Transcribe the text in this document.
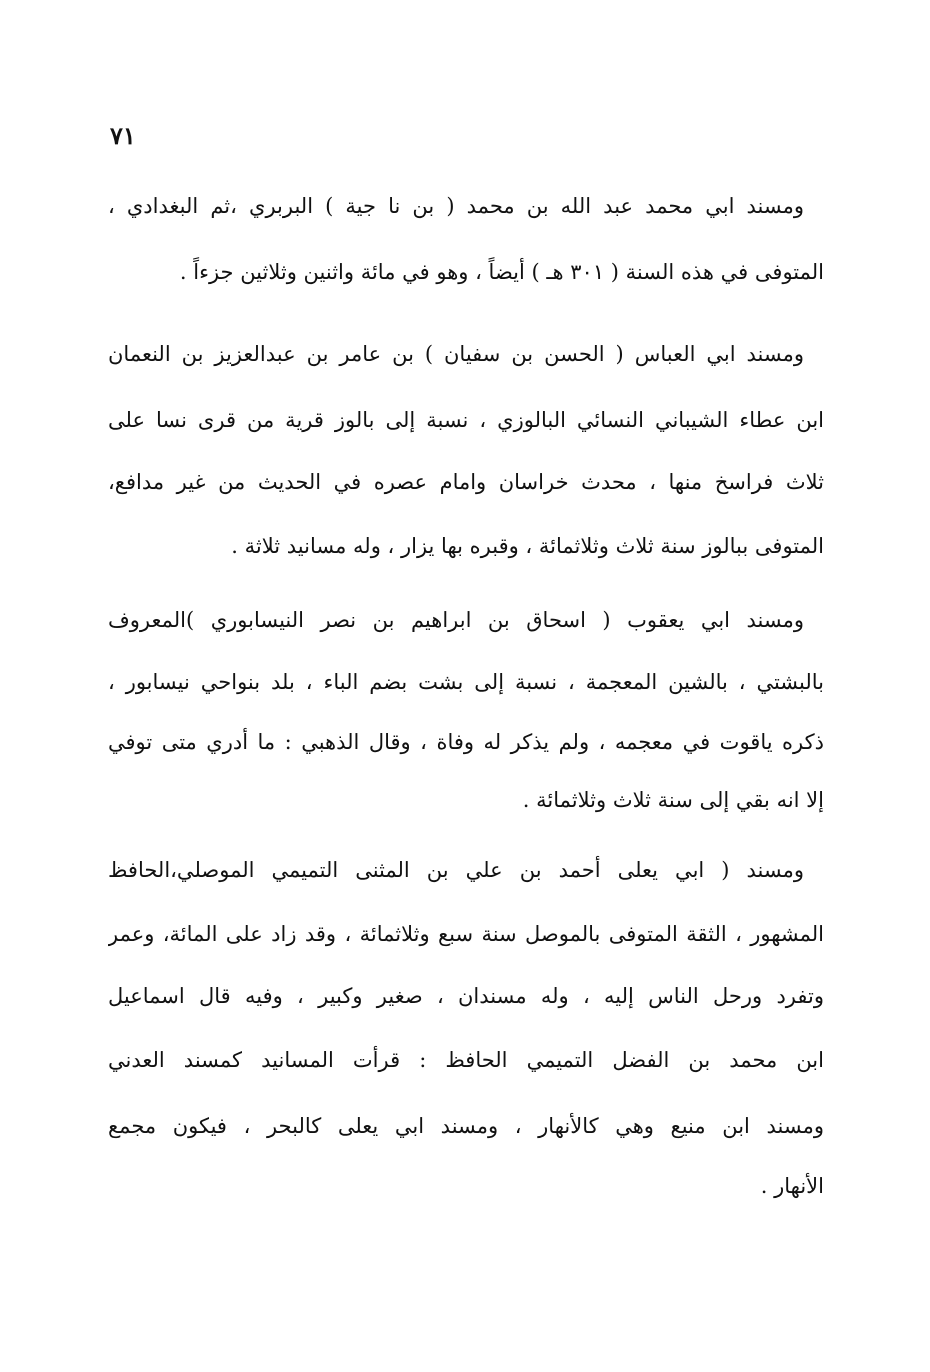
٧١
ومسند ابي محمد عبد الله بن محمد ( بن نا جية ) البربري ،ثم البغدادي ،
المتوفى في هذه السنة ( ٣٠١ هـ ) أيضاً ، وهو في مائة واثنين وثلاثين جزءاً .
ومسند ابي العباس ( الحسن بن سفيان ) بن عامر بن عبدالعزيز بن النعمان
ابن عطاء الشيباني النسائي البالوزي ، نسبة إلى بالوز قرية من قرى نسا على
ثلاث فراسخ منها ، محدث خراسان وامام عصره في الحديث من غير مدافع،
المتوفى ببالوز سنة ثلاث وثلاثمائة ، وقبره بها يزار ، وله مسانيد ثلاثة .
ومسند ابي يعقوب ( اسحاق بن ابراهيم بن نصر النيسابوري )المعروف
بالبشتي ، بالشين المعجمة ، نسبة إلى بشت بضم الباء ، بلد بنواحي نيسابور ،
ذكره ياقوت في معجمه ، ولم يذكر له وفاة ، وقال الذهبي : ما أدري متى توفي
إلا انه بقي إلى سنة ثلاث وثلاثمائة .
ومسند ( ابي يعلى أحمد بن علي بن المثنى التميمي الموصلي،الحافظ
المشهور ، الثقة المتوفى بالموصل سنة سبع وثلاثمائة ، وقد زاد على المائة، وعمر
وتفرد ورحل الناس إليه ، وله مسندان ، صغير وكبير ، وفيه قال اسماعيل
ابن محمد بن الفضل التميمي الحافظ : قرأت المسانيد كمسند العدني
ومسند ابن منيع وهي كالأنهار ، ومسند ابي يعلى كالبحر ، فيكون مجمع
الأنهار .
